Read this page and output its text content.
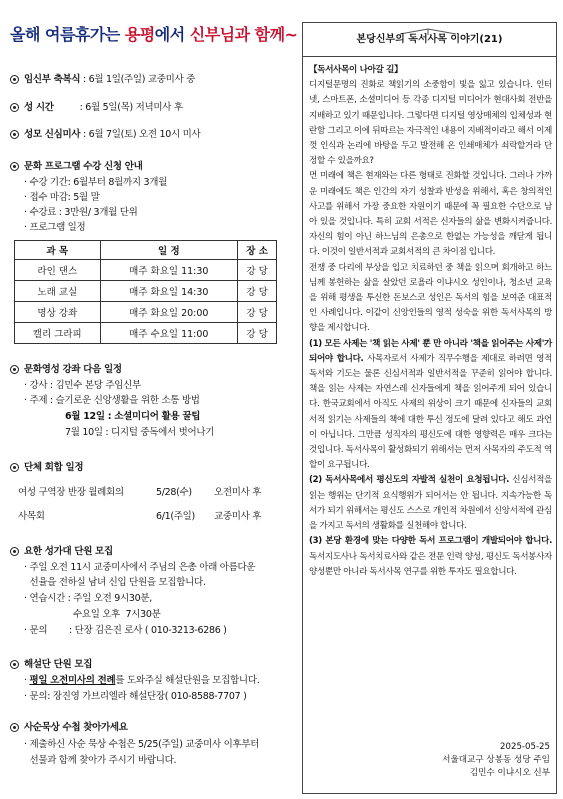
올해 여름휴가는 용평에서 신부님과 함께~
임신부 축복식 : 6월 1일(주일) 교중미사 중
성 시간	: 6월 5일(목) 저녁미사 후
성모 신심미사 : 6월 7일(토) 오전 10시 미사
문화 프로그램 수강 신청 안내
· 수강 기간: 6월부터 8월까지 3개월
· 접수 마감: 5월 말
· 수강료 : 3만원/ 3개월 단위
· 프로그램 일정
문화영성 강좌 다음 일정
· 강사 : 김민수 본당 주임신부
· 주제 : 슬기로운 신앙생활을 위한 소통 방법
6월 12일 : 소셜미디어 활용 꿀팁
7월 10일 : 디지털 중독에서 벗어나기
단체 회합 일정
여성 구역장 반장 월례회의	5/28(수) 오전미사 후
사목회	6/1(주일) 교중미사 후
요한 성가대 단원 모집
· 주일 오전 11시 교중미사에서 주님의 은총 아래 아름다운
선율을 전하실 남녀 신입 단원을 모집합니다.
· 연습시간 : 주일 오전 9시30분,
수요일 오후  7시30분
· 문의        : 단장 김은진 로사 ( 010-3213-6286 )
해설단 단원 모집
· 평일 오전미사의 전례를 도와주실 해설단원을 모집합니다.
· 문의: 장진영 가브리엘라 해설단장( 010-8588-7707 )
사순묵상 수첩 찾아가세요
· 제출하신 사순 묵상 수첩은 5/25(주일) 교중미사 이후부터
선물과 함께 찾아가 주시기 바랍니다.
과 목	일 정	장 소
라인 댄스	매주 화요일 11:30	강 당
노래 교실	매주 화요일 14:30	강 당
명상 강좌	매주 화요일 20:00	강 당
캘리 그라피	매주 수요일 11:00	강 당
본당신부의 독서사목 이야기(21)

【독서사목이 나아갈 길】

디지털문명의 진화로 책읽기의 소중함이 빛을 잃고 있습니다. 인터넷, 스마트폰, 소셜미디어 등 각종 디지털 미디어가 현대사회 전반을 지배하고 있기 때문입니다. 그렇다면 디지털 영상매체의 입체성과 현란함 그리고 이에 뒤따르는 자극적인 내용이 지배적이라고 해서 이제껏 인식과 논리에 바탕을 두고 발전해 온 인쇄매체가 쇠락할거라 단정할 수 있을까요?

먼 미래에 책은 현재와는 다른 형태로 진화할 것입니다. 그러나 가까운 미래에도 책은 인간의 자기 성찰과 반성을 위해서, 혹은 창의적인 사고를 위해서 가장 중요한 자원이기 때문에 꼭 필요한 수단으로 남아 있을 것입니다. 특히 교회 서적은 신자들의 삶을 변화시켜줍니다. 자신의 힘이 아닌 하느님의 은총으로 한없는 가능성을 깨닫게 됩니다. 이것이 일반서적과 교회서적의 큰 차이점 입니다.

전쟁 중 다리에 부상을 입고 치료하던 중 책을 읽으며 회개하고 하느님께 봉헌하는 삶을 살았던 로욜라 이냐시오 성인이나, 청소년 교육을 위해 평생을 투신한 돈보스코 성인은 독서의 힘을 보여준 대표적인 사례입니다. 이같이 신앙인들의 영적 성숙을 위한 독서사목의 방향을 제시합니다.

(1) 모든 사제는 '책 읽는 사제' 뿐 만 아니라 '책을 읽어주는 사제'가 되어야 합니다. 사목자로서 사제가 직무수행을 제대로 하려면 영적 독서와 기도는 물론 신심서적과 일반서적을 꾸준히 읽어야 합니다. 책을 읽는 사제는 자연스레 신자들에게 책을 읽어주게 되어 있습니다. 한국교회에서 아직도 사제의 위상이 크기 때문에 신자들의 교회서적 읽기는 사제들의 책에 대한 투신 정도에 달려 있다고 해도 과언이 아닙니다. 그만큼 성직자의 평신도에 대한 영향력은 매우 크다는 것입니다. 독서사목이 활성화되기 위해서는 먼저 사목자의 주도적 역할이 요구됩니다.

(2) 독서사목에서 평신도의 자발적 실천이 요청됩니다. 신심서적을 읽는 행위는 단기적 요식행위가 되어서는 안 됩니다. 지속가능한 독서가 되기 위해서는 평신도 스스로 개인적 차원에서 신앙서적에 관심을 가지고 독서의 생활화를 실천해야 합니다.

(3) 본당 환경에 맞는 다양한 독서 프로그램이 개발되어야 합니다. 독서지도사나 독서치료사와 같은 전문 인력 양성, 평신도 독서봉사자 양성뿐만 아니라 독서사목 연구를 위한 투자도 필요합니다.

2025-05-25
서울대교구 상봉동 성당 주임
김민수 이냐시오 신부
